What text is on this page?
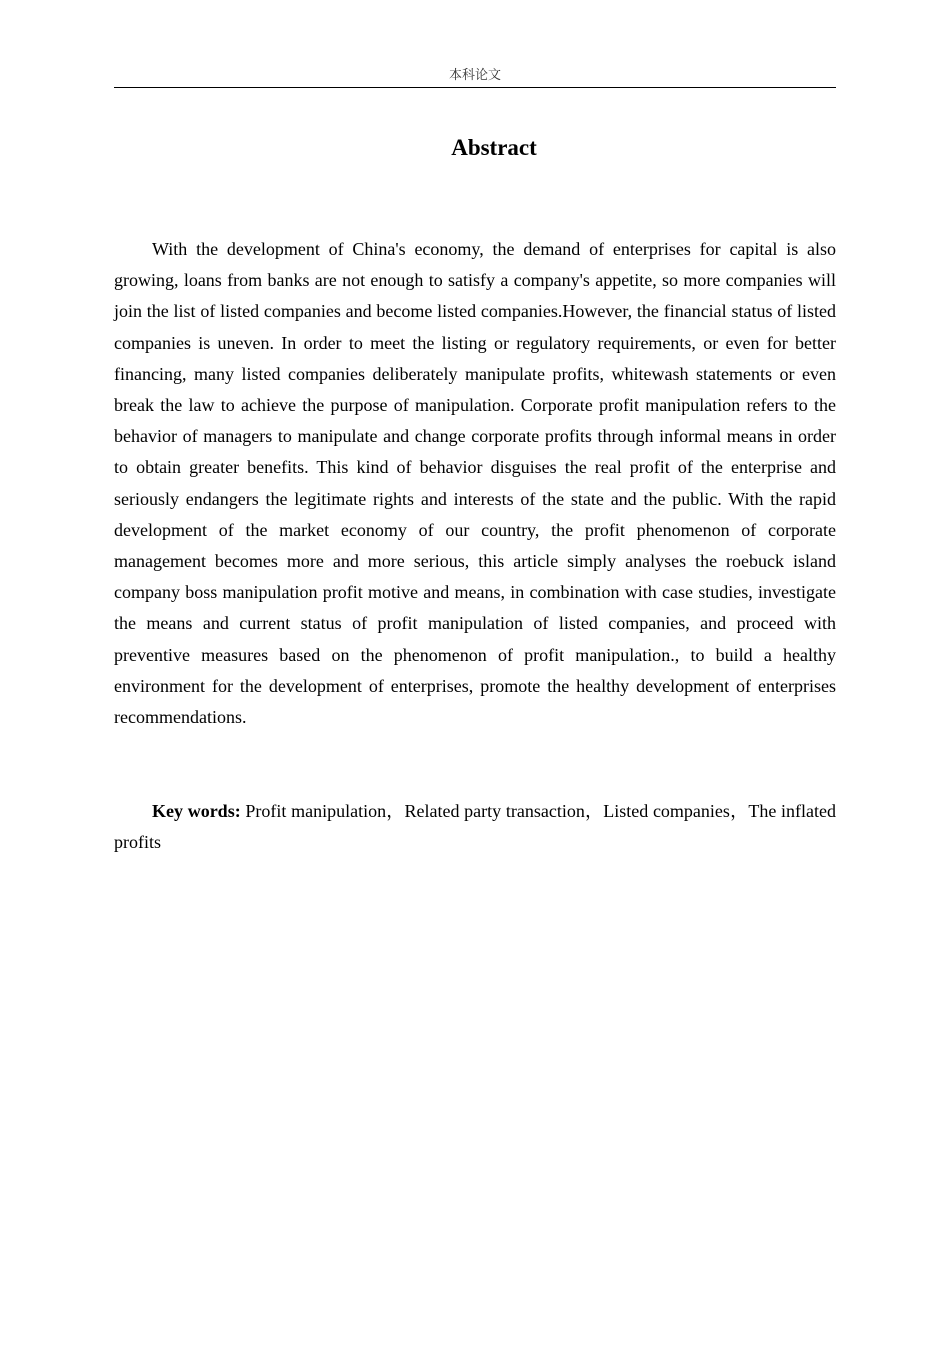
本科论文
Abstract

With the development of China's economy, the demand of enterprises for capital is also growing, loans from banks are not enough to satisfy a company's appetite, so more companies will join the list of listed companies and become listed companies.However, the financial status of listed companies is uneven. In order to meet the listing or regulatory requirements, or even for better financing, many listed companies deliberately manipulate profits, whitewash statements or even break the law to achieve the purpose of manipulation. Corporate profit manipulation refers to the behavior of managers to manipulate and change corporate profits through informal means in order to obtain greater benefits. This kind of behavior disguises the real profit of the enterprise and seriously endangers the legitimate rights and interests of the state and the public. With the rapid development of the market economy of our country, the profit phenomenon of corporate management becomes more and more serious, this article simply analyses the roebuck island company boss manipulation profit motive and means, in combination with case studies, investigate the means and current status of profit manipulation of listed companies, and proceed with preventive measures based on the phenomenon of profit manipulation., to build a healthy environment for the development of enterprises, promote the healthy development of enterprises recommendations.

Key words: Profit manipulation，Related party transaction，Listed companies，The inflated profits
